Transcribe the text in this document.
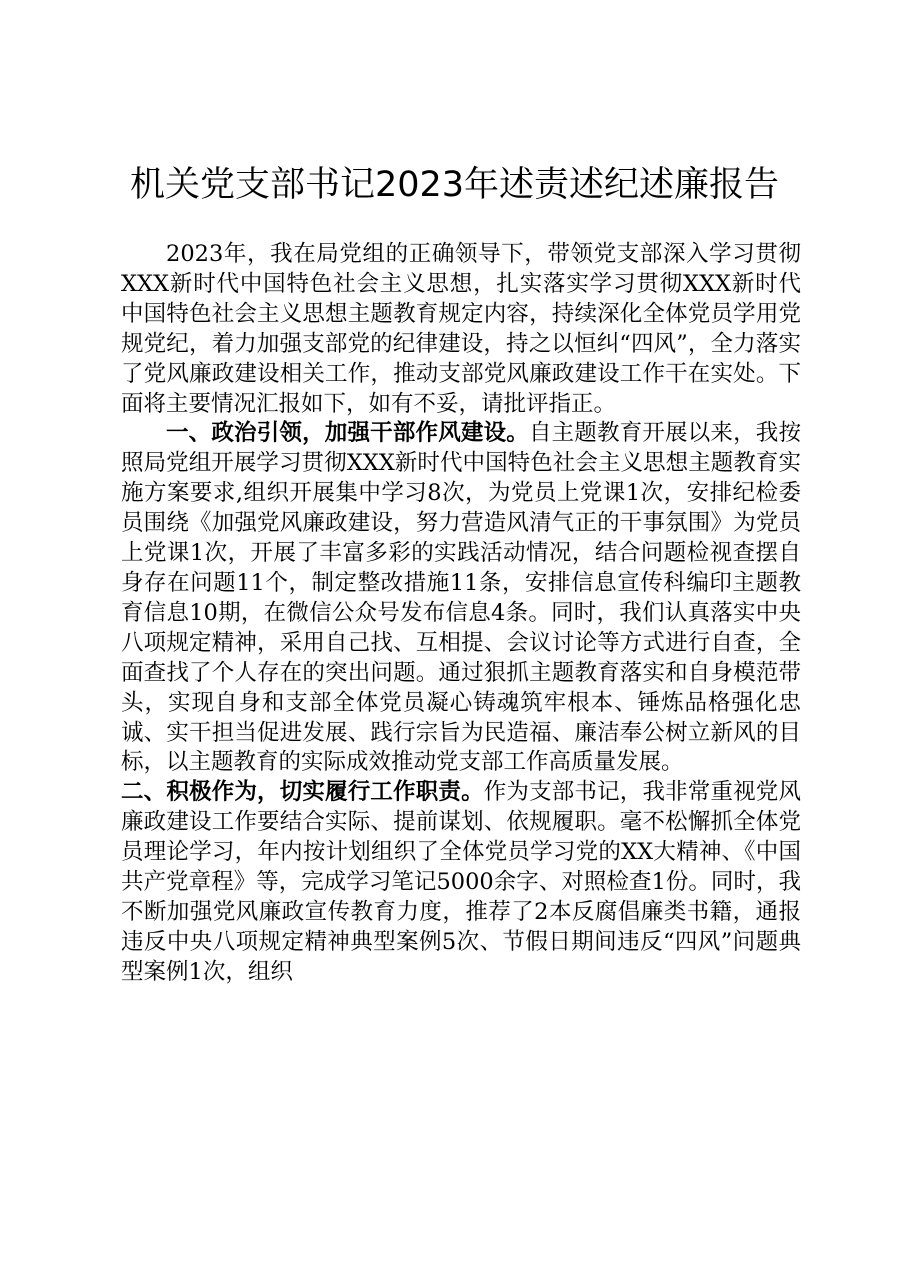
机关党支部书记2023年述责述纪述廉报告

2023年，我在局党组的正确领导下，带领党支部深入学习贯彻XXX新时代中国特色社会主义思想，扎实落实学习贯彻XXX新时代中国特色社会主义思想主题教育规定内容，持续深化全体党员学用党规党纪，着力加强支部党的纪律建设，持之以恒纠“四风”，全力落实了党风廉政建设相关工作，推动支部党风廉政建设工作干在实处。下面将主要情况汇报如下，如有不妥，请批评指正。

一、政治引领，加强干部作风建设。自主题教育开展以来，我按照局党组开展学习贯彻XXX新时代中国特色社会主义思想主题教育实施方案要求,组织开展集中学习8次，为党员上党课1次，安排纪检委员围绕《加强党风廉政建设，努力营造风清气正的干事氛围》为党员上党课1次，开展了丰富多彩的实践活动情况，结合问题检视查摆自身存在问题11个，制定整改措施11条，安排信息宣传科编印主题教育信息10期，在微信公众号发布信息4条。同时，我们认真落实中央八项规定精神，采用自己找、互相提、会议讨论等方式进行自查，全面查找了个人存在的突出问题。通过狠抓主题教育落实和自身模范带头，实现自身和支部全体党员凝心铸魂筑牢根本、锤炼品格强化忠诚、实干担当促进发展、践行宗旨为民造福、廉洁奉公树立新风的目标，以主题教育的实际成效推动党支部工作高质量发展。

二、积极作为，切实履行工作职责。作为支部书记，我非常重视党风廉政建设工作要结合实际、提前谋划、依规履职。毫不松懈抓全体党员理论学习，年内按计划组织了全体党员学习党的XX大精神、《中国共产党章程》等，完成学习笔记5000余字、对照检查1份。同时，我不断加强党风廉政宣传教育力度，推荐了2本反腐倡廉类书籍，通报违反中央八项规定精神典型案例5次、节假日期间违反“四风”问题典型案例1次，组织
